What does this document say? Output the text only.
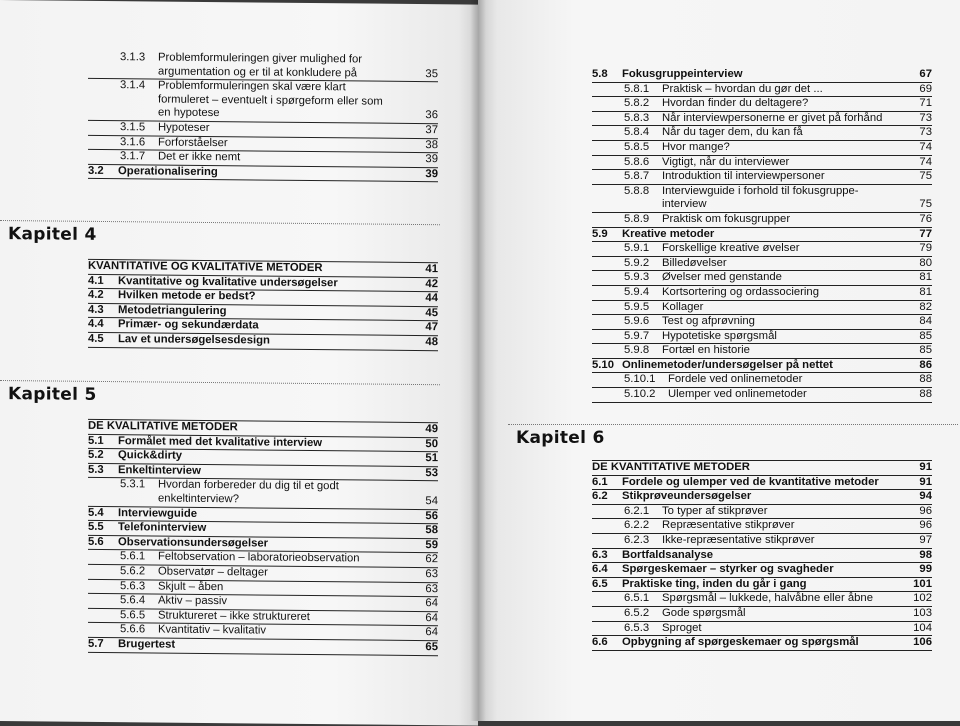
3.1.3 Problemformuleringen giver mulighed for argumentation og er til at konkludere på	35
3.1.4 Problemformuleringen skal være klart formuleret – eventuelt i spørgeform eller som en hypotese	36
3.1.5 Hypoteser	37
3.1.6 Forforståelser	38
3.1.7 Det er ikke nemt	39
3.2 Operationalisering	39
Kapitel 4
KVANTITATIVE OG KVALITATIVE METODER	41
4.1 Kvantitative og kvalitative undersøgelser	42
4.2 Hvilken metode er bedst?	44
4.3 Metodetriangulering	45
4.4 Primær- og sekundærdata	47
4.5 Lav et undersøgelsesdesign	48
Kapitel 5
DE KVALITATIVE METODER	49
5.1 Formålet med det kvalitative interview	50
5.2 Quick&dirty	51
5.3 Enkeltinterview	53
5.3.1 Hvordan forbereder du dig til et godt enkeltinterview?	54
5.4 Interviewguide	56
5.5 Telefoninterview	58
5.6 Observationsundersøgelser	59
5.6.1 Feltobservation – laboratorieobservation	62
5.6.2 Observatør – deltager	63
5.6.3 Skjult – åben	63
5.6.4 Aktiv – passiv	64
5.6.5 Struktureret – ikke struktureret	64
5.6.6 Kvantitativ – kvalitativ	64
5.7 Brugertest	65
5.8 Fokusgruppeinterview	67
5.8.1 Praktisk – hvordan du gør det ...	69
5.8.2 Hvordan finder du deltagere?	71
5.8.3 Når interviewpersonerne er givet på forhånd	73
5.8.4 Når du tager dem, du kan få	73
5.8.5 Hvor mange?	74
5.8.6 Vigtigt, når du interviewer	74
5.8.7 Introduktion til interviewpersoner	75
5.8.8 Interviewguide i forhold til fokusgruppe-interview	75
5.8.9 Praktisk om fokusgrupper	76
5.9 Kreative metoder	77
5.9.1 Forskellige kreative øvelser	79
5.9.2 Billedøvelser	80
5.9.3 Øvelser med genstande	81
5.9.4 Kortsortering og ordassociering	81
5.9.5 Kollager	82
5.9.6 Test og afprøvning	84
5.9.7 Hypotetiske spørgsmål	85
5.9.8 Fortæl en historie	85
5.10 Onlinemetoder/undersøgelser på nettet	86
5.10.1 Fordele ved onlinemetoder	88
5.10.2 Ulemper ved onlinemetoder	88
Kapitel 6
DE KVANTITATIVE METODER	91
6.1 Fordele og ulemper ved de kvantitative metoder	91
6.2 Stikprøveundersøgelser	94
6.2.1 To typer af stikprøver	96
6.2.2 Repræsentative stikprøver	96
6.2.3 Ikke-repræsentative stikprøver	97
6.3 Bortfaldsanalyse	98
6.4 Spørgeskemaer – styrker og svagheder	99
6.5 Praktiske ting, inden du går i gang	101
6.5.1 Spørgsmål – lukkede, halvåbne eller åbne	102
6.5.2 Gode spørgsmål	103
6.5.3 Sproget	104
6.6 Opbygning af spørgeskemaer og spørgsmål	106
